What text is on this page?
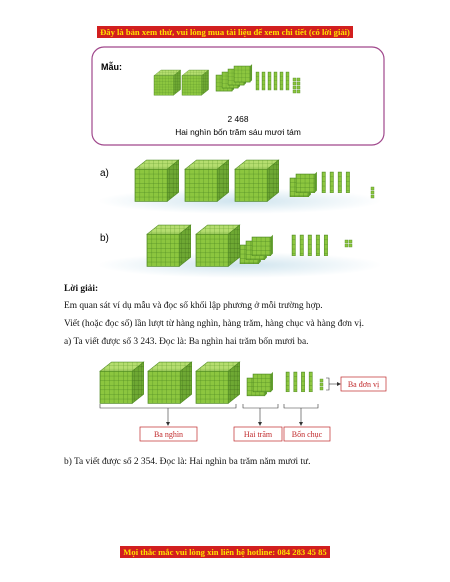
Đây là bản xem thử, vui lòng mua tài liệu để xem chi tiết (có lời giải)
Mẫu:
2 468
Hai nghìn bốn trăm sáu mươi tám
a)
b)
Ba đơn vị
Ba nghìn	Hai trăm Bốn chục
Lời giải:
Em quan sát ví dụ mẫu và đọc số khối lập phương ở mỗi trường hợp.
Viết (hoặc đọc số) lần lượt từ hàng nghìn, hàng trăm, hàng chục và hàng đơn vị.
a) Ta viết được số 3 243. Đọc là: Ba nghìn hai trăm bốn mươi ba.
b) Ta viết được số 2 354. Đọc là: Hai nghìn ba trăm năm mươi tư.
Mọi thắc mắc vui lòng xin liên hệ hotline: 084 283 45 85
